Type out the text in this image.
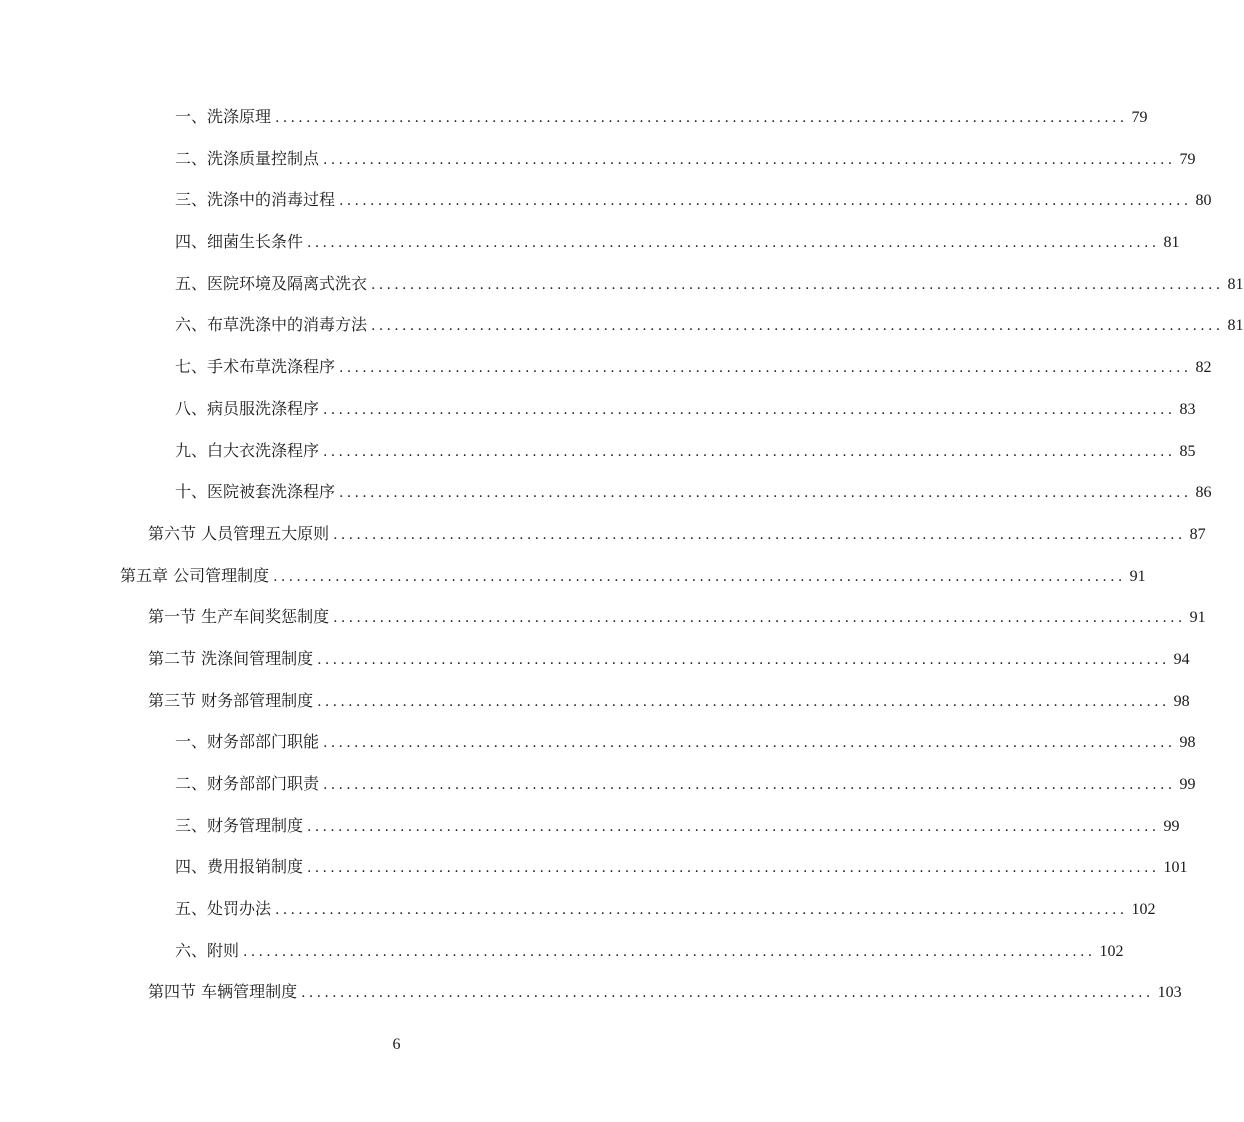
一、洗涤原理 .............................................................................................................. 79
二、洗涤质量控制点 .............................................................................................................. 79
三、洗涤中的消毒过程 .............................................................................................................. 80
四、细菌生长条件 .............................................................................................................. 81
五、医院环境及隔离式洗衣 .............................................................................................................. 81
六、布草洗涤中的消毒方法 .............................................................................................................. 81
七、手术布草洗涤程序 .............................................................................................................. 82
八、病员服洗涤程序 .............................................................................................................. 83
九、白大衣洗涤程序 .............................................................................................................. 85
十、医院被套洗涤程序 .............................................................................................................. 86
第六节 人员管理五大原则 .............................................................................................................. 87
第五章 公司管理制度 .............................................................................................................. 91
第一节 生产车间奖惩制度 .............................................................................................................. 91
第二节 洗涤间管理制度 .............................................................................................................. 94
第三节 财务部管理制度 .............................................................................................................. 98
一、财务部部门职能 .............................................................................................................. 98
二、财务部部门职责 .............................................................................................................. 99
三、财务管理制度 .............................................................................................................. 99
四、费用报销制度 .............................................................................................................. 101
五、处罚办法 .............................................................................................................. 102
六、附则 .............................................................................................................. 102
第四节 车辆管理制度 .............................................................................................................. 103
6
